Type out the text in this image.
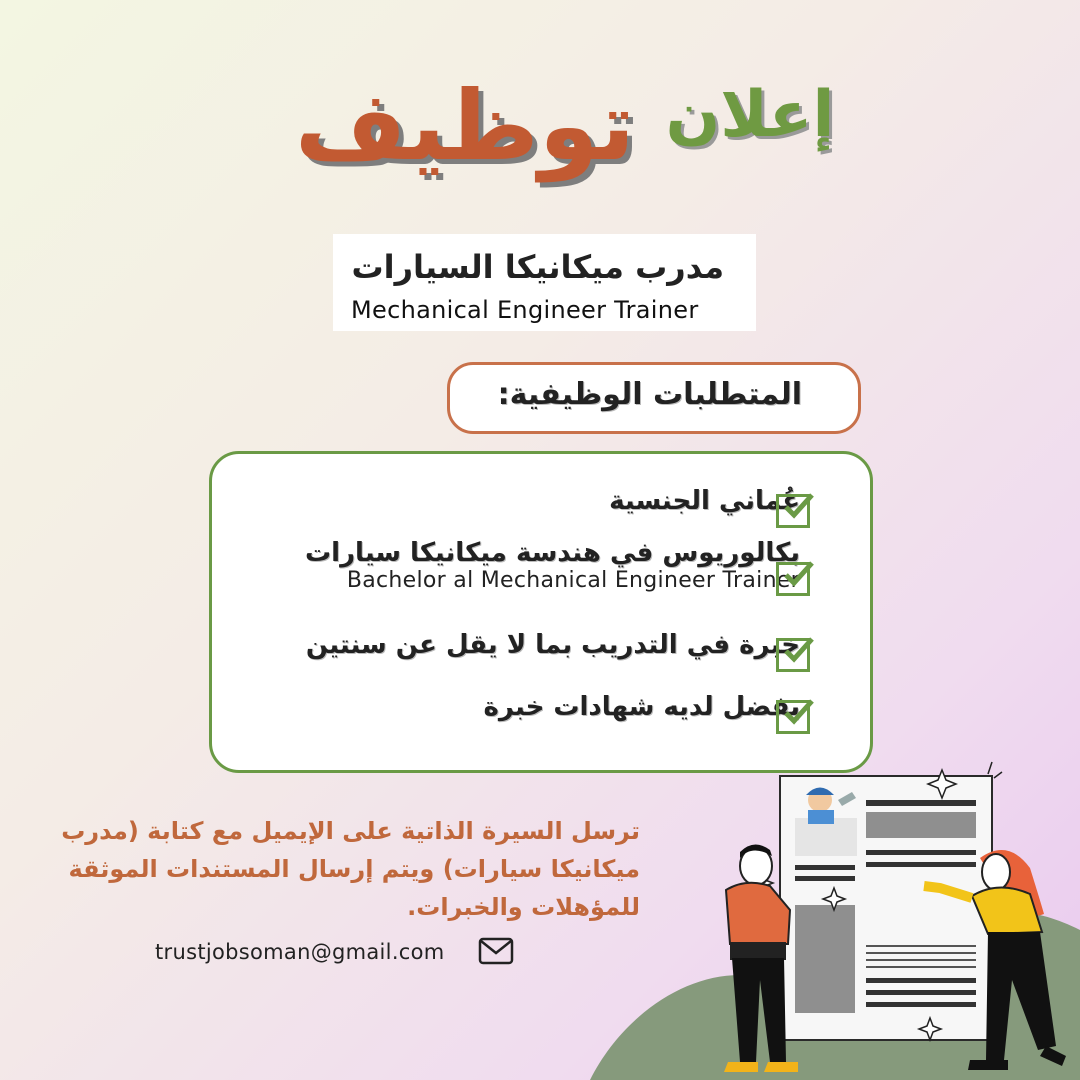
توظيف إعلان
مدرب ميكانيكا السيارات
Mechanical Engineer Trainer
المتطلبات الوظيفية:
عُماني الجنسية
بكالوريوس في هندسة ميكانيكا سيارات
Bachelor al Mechanical Engineer Trainer
خبرة في التدريب بما لا يقل عن سنتين
يفضل لديه شهادات خبرة
ترسل السيرة الذاتية على الإيميل مع كتابة (مدرب ميكانيكا سيارات) ويتم إرسال المستندات الموثقة للمؤهلات والخبرات.
trustjobsoman@gmail.com
